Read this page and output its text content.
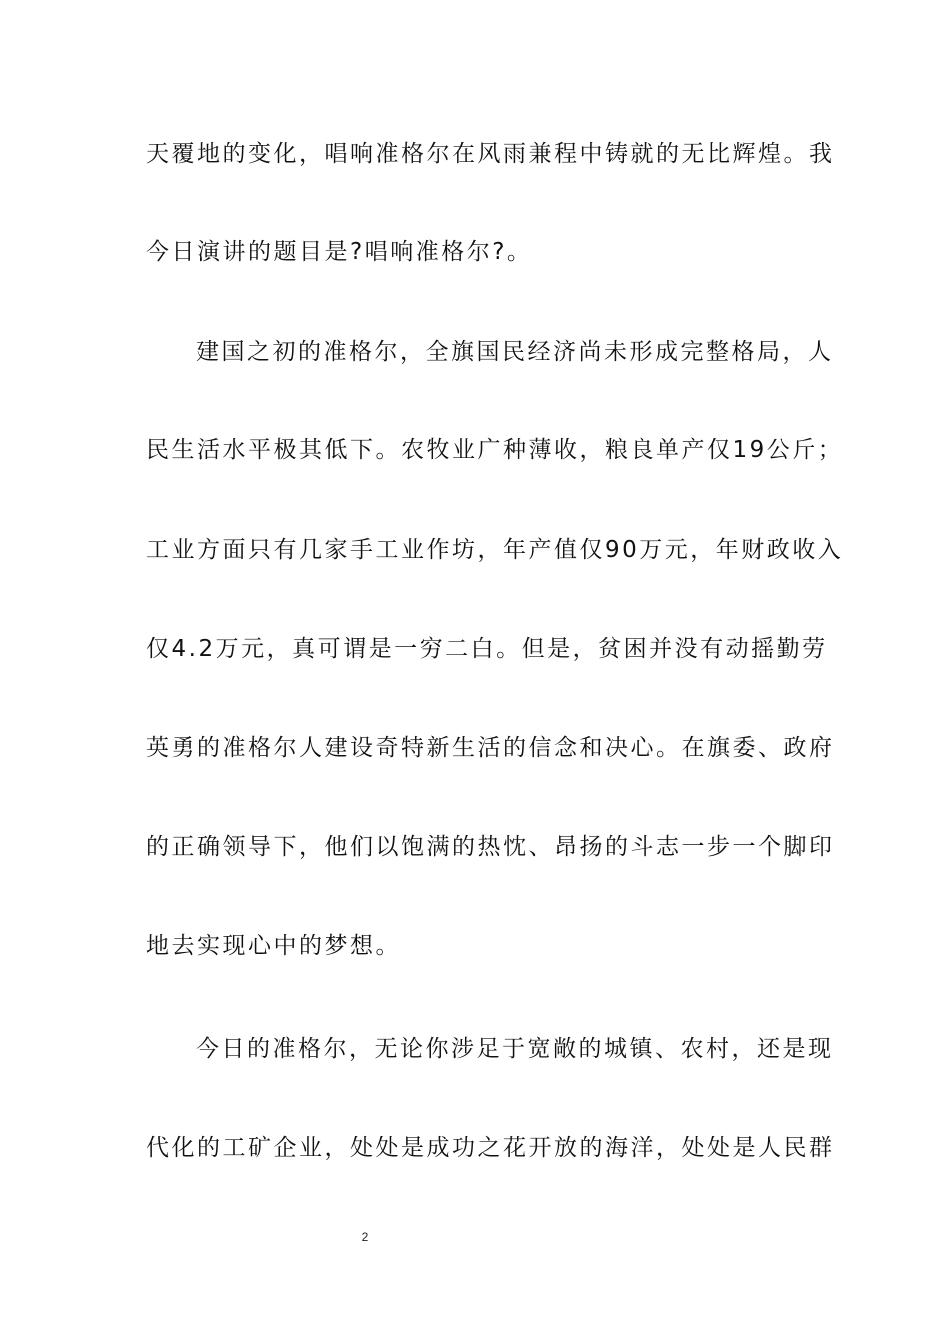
天覆地的变化，唱响准格尔在风雨兼程中铸就的无比辉煌。我
今日演讲的题目是?唱响准格尔?。
建国之初的准格尔，全旗国民经济尚未形成完整格局，人
民生活水平极其低下。农牧业广种薄收，粮良单产仅19公斤；
工业方面只有几家手工业作坊，年产值仅90万元，年财政收入
仅4.2万元，真可谓是一穷二白。但是，贫困并没有动摇勤劳
英勇的准格尔人建设奇特新生活的信念和决心。在旗委、政府
的正确领导下，他们以饱满的热忱、昂扬的斗志一步一个脚印
地去实现心中的梦想。
今日的准格尔，无论你涉足于宽敞的城镇、农村，还是现
代化的工矿企业，处处是成功之花开放的海洋，处处是人民群
2
